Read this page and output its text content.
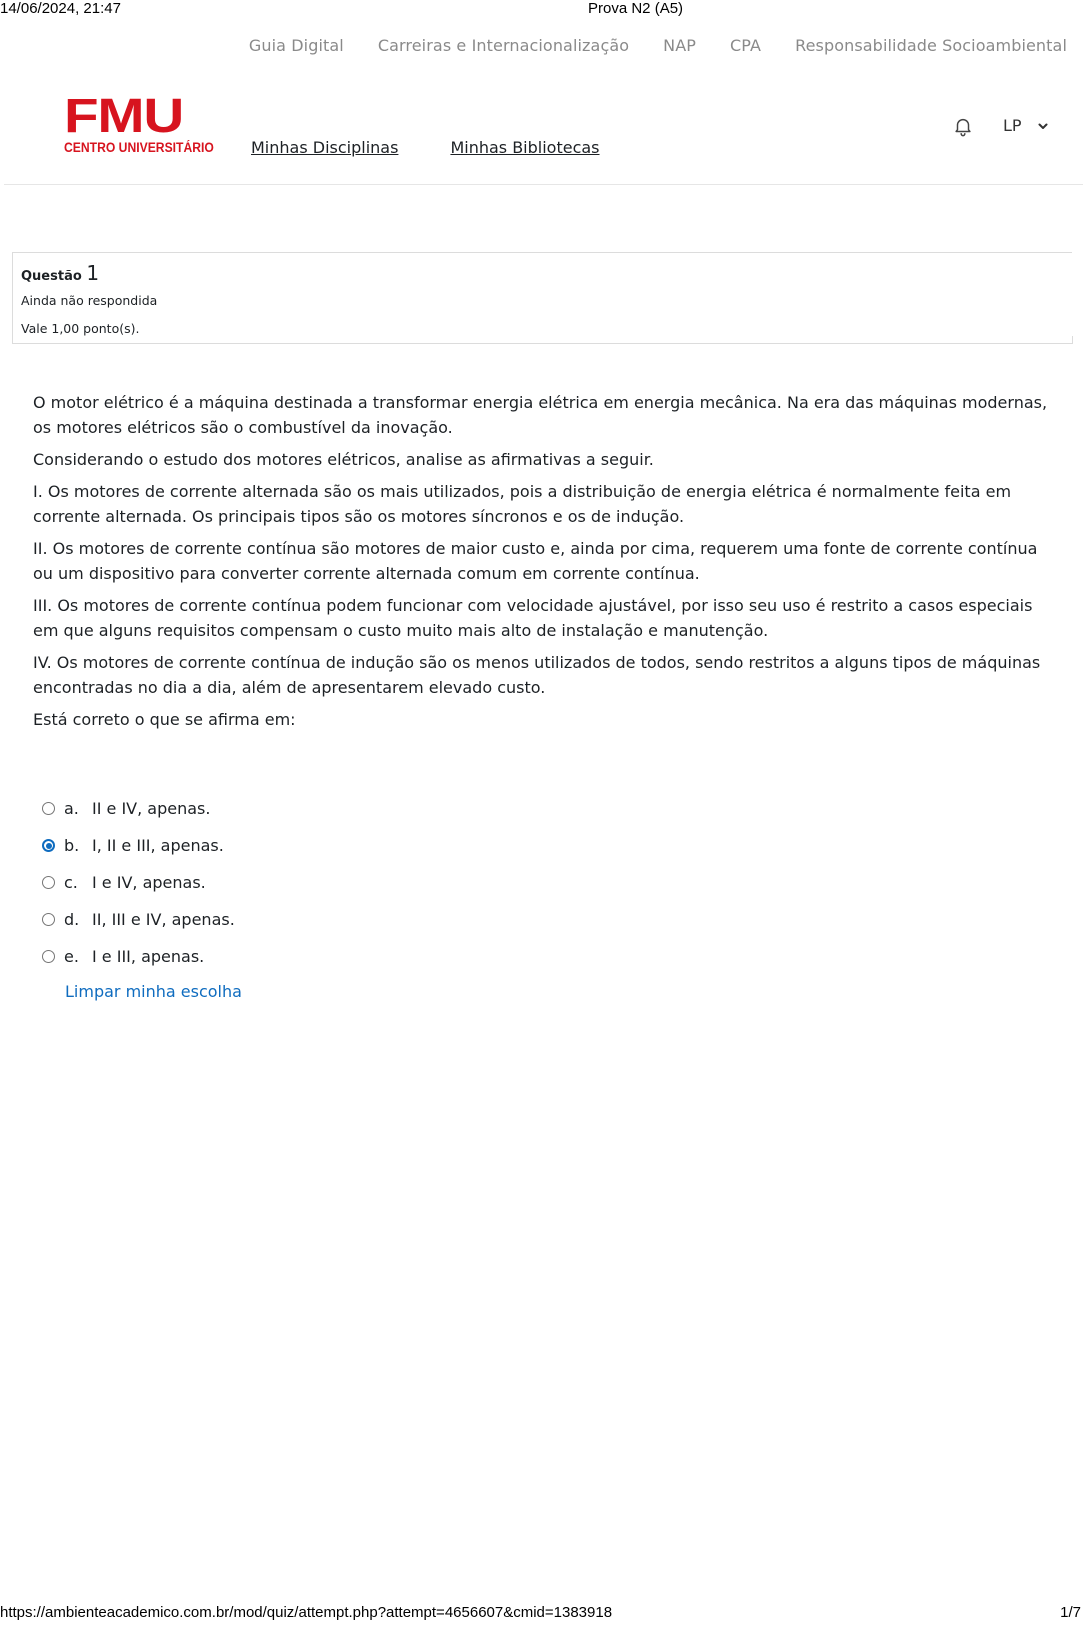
14/06/2024, 21:47	Prova N2 (A5)
Guia Digital Carreiras e Internacionalização NAP CPA Responsabilidade Socioambiental
FMU
CENTRO UNIVERSITÁRIO Minhas Disciplinas	Minhas Bibliotecas
LP
Questão 1
Ainda não respondida
Vale 1,00 ponto(s).

O motor elétrico é a máquina destinada a transformar energia elétrica em energia mecânica. Na era das máquinas modernas, os motores elétricos são o combustível da inovação.

Considerando o estudo dos motores elétricos, analise as afirmativas a seguir.

I. Os motores de corrente alternada são os mais utilizados, pois a distribuição de energia elétrica é normalmente feita em corrente alternada. Os principais tipos são os motores síncronos e os de indução.

II. Os motores de corrente contínua são motores de maior custo e, ainda por cima, requerem uma fonte de corrente contínua ou um dispositivo para converter corrente alternada comum em corrente contínua.

III. Os motores de corrente contínua podem funcionar com velocidade ajustável, por isso seu uso é restrito a casos especiais em que alguns requisitos compensam o custo muito mais alto de instalação e manutenção.

IV. Os motores de corrente contínua de indução são os menos utilizados de todos, sendo restritos a alguns tipos de máquinas encontradas no dia a dia, além de apresentarem elevado custo.

Está correto o que se afirma em:

a. II e IV, apenas.
b. I, II e III, apenas.
c. I e IV, apenas.
d. II, III e IV, apenas.
e. I e III, apenas.
Limpar minha escolha
https://ambienteacademico.com.br/mod/quiz/attempt.php?attempt=4656607&cmid=1383918	1/7
